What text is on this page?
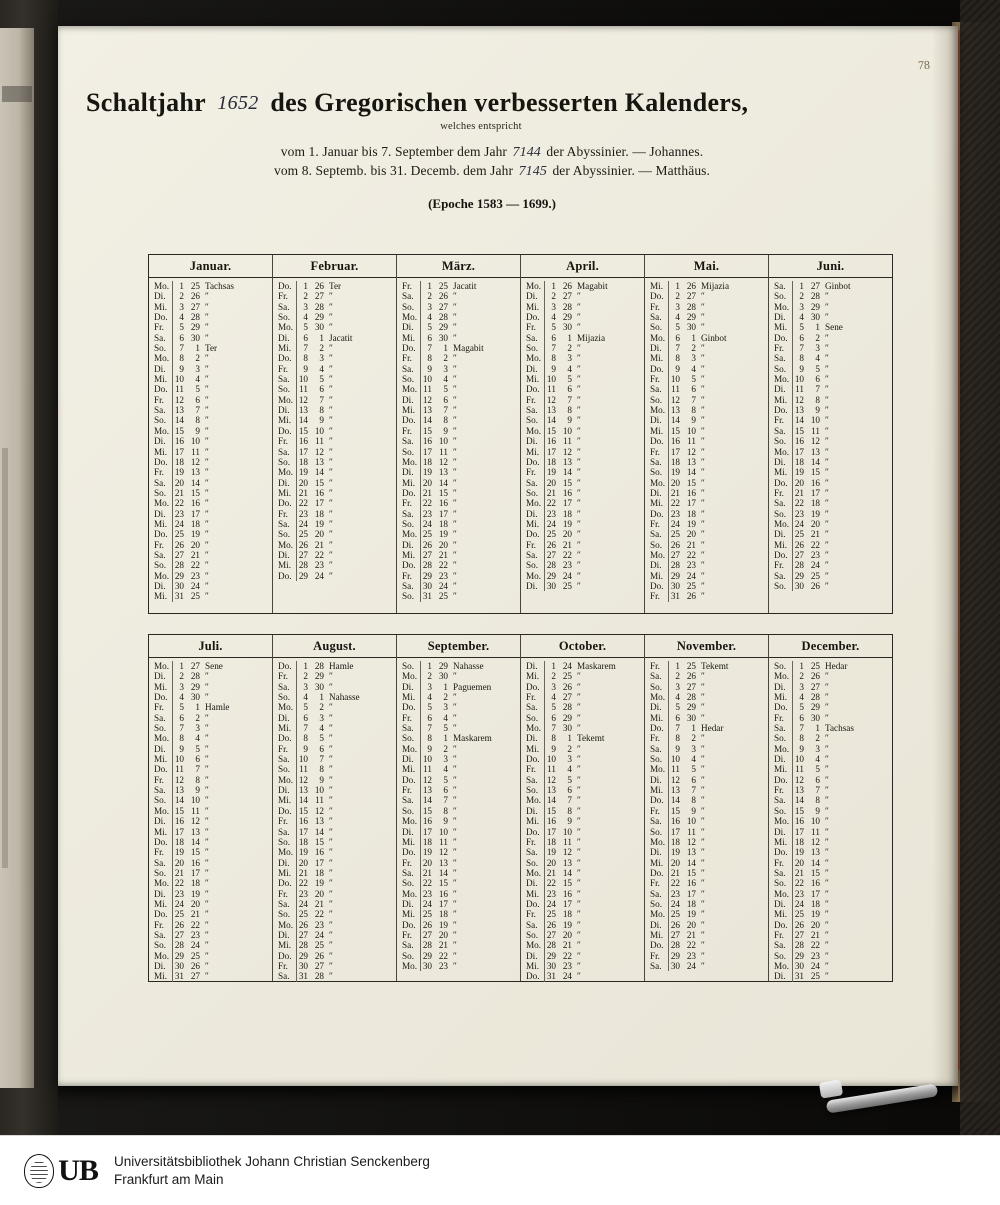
78
Schaltjahr 1652 des Gregorischen verbesserten Kalenders,
welches entspricht
vom 1. Januar bis 7. September dem Jahr 7144 der Abyssinier. — Johannes.
vom 8. Septemb. bis 31. Decemb. dem Jahr 7145 der Abyssinier. — Matthäus.
(Epoche 1583 — 1699.)
Januar.
Mo.	1 25 Tachsas
Di.	2 26 ″
Mi.	3 27 ″
Do.	4 28 ″
Fr.	5 29 ″
Sa.	6 30 ″
So.	7	1 Ter
Mo.	8	2 ″
Di.	9	3 ″
Mi. 10	4 ″
Do. 11	5 ″
Fr.	12	6 ″
Sa.	13	7 ″
So. 14	8 ″
Mo. 15	9 ″
Di.	16 10 ″
Mi. 17 11 ″
Do. 18 12 ″
Fr.	19 13 ″
Sa.	20 14 ″
So. 21 15 ″
Mo. 22 16 ″
Di.	23 17 ″
Mi. 24 18 ″
Do. 25 19 ″
Fr.	26 20 ″
Sa.	27 21 ″
So. 28 22 ″
Mo. 29 23 ″
Di.	30 24 ″
Mi. 31 25 ″
Februar.
Do.	1 26 Ter
Fr.	2 27 ″
Sa.	3 28 ″
So.	4 29 ″
Mo.	5 30 ″
Di.	6	1 Jacatit
Mi.	7	2 ″
Do.	8	3 ″
Fr.	9	4 ″
Sa.	10	5 ″
So. 11	6 ″
Mo. 12	7 ″
Di.	13	8 ″
Mi. 14	9 ″
Do. 15 10 ″
Fr.	16 11 ″
Sa.	17 12 ″
So. 18 13 ″
Mo. 19 14 ″
Di.	20 15 ″
Mi. 21 16 ″
Do. 22 17 ″
Fr.	23 18 ″
Sa.	24 19 ″
So. 25 20 ″
Mo. 26 21 ″
Di.	27 22 ″
Mi. 28 23 ″
Do. 29 24 ″
März.
Fr.	1 25 Jacatit
Sa.	2 26 ″
So.	3 27 ″
Mo.	4 28 ″
Di.	5 29 ″
Mi.	6 30 ″
Do.	7	1 Magabit
Fr.	8	2 ″
Sa.	9	3 ″
So. 10	4 ″
Mo. 11	5 ″
Di.	12	6 ″
Mi. 13	7 ″
Do. 14	8 ″
Fr.	15	9 ″
Sa.	16 10 ″
So. 17 11 ″
Mo. 18 12 ″
Di.	19 13 ″
Mi. 20 14 ″
Do. 21 15 ″
Fr.	22 16 ″
Sa.	23 17 ″
So. 24 18 ″
Mo. 25 19 ″
Di.	26 20 ″
Mi. 27 21 ″
Do. 28 22 ″
Fr.	29 23 ″
Sa.	30 24 ″
So. 31 25 ″
April.
Mo.	1 26 Magabit
Di.	2 27 ″
Mi.	3 28 ″
Do.	4 29 ″
Fr.	5 30 ″
Sa.	6	1 Mijazia
So.	7	2 ″
Mo.	8	3 ″
Di.	9	4 ″
Mi. 10	5 ″
Do. 11	6 ″
Fr.	12	7 ″
Sa.	13	8 ″
So. 14	9 ″
Mo. 15 10 ″
Di.	16 11 ″
Mi. 17 12 ″
Do. 18 13 ″
Fr.	19 14 ″
Sa.	20 15 ″
So. 21 16 ″
Mo. 22 17 ″
Di.	23 18 ″
Mi. 24 19 ″
Do. 25 20 ″
Fr.	26 21 ″
Sa.	27 22 ″
So. 28 23 ″
Mo. 29 24 ″
Di.	30 25 ″
Mai.
Mi.	1 26 Mijazia
Do.	2 27 ″
Fr.	3 28 ″
Sa.	4 29 ″
So.	5 30 ″
Mo.	6	1 Ginbot
Di.	7	2 ″
Mi.	8	3 ″
Do.	9	4 ″
Fr.	10	5 ″
Sa.	11	6 ″
So. 12	7 ″
Mo. 13	8 ″
Di.	14	9 ″
Mi. 15 10 ″
Do. 16 11 ″
Fr.	17 12 ″
Sa.	18 13 ″
So. 19 14 ″
Mo. 20 15 ″
Di.	21 16 ″
Mi. 22 17 ″
Do. 23 18 ″
Fr.	24 19 ″
Sa.	25 20 ″
So. 26 21 ″
Mo. 27 22 ″
Di.	28 23 ″
Mi. 29 24 ″
Do. 30 25 ″
Fr.	31 26 ″
Juni.
Sa.	1 27 Ginbot
So.	2 28 ″
Mo.	3 29 ″
Di.	4 30 ″
Mi.	5	1 Sene
Do.	6	2 ″
Fr.	7	3 ″
Sa.	8	4 ″
So.	9	5 ″
Mo. 10	6 ″
Di.	11	7 ″
Mi. 12	8 ″
Do. 13	9 ″
Fr.	14 10 ″
Sa.	15 11 ″
So. 16 12 ″
Mo. 17 13 ″
Di.	18 14 ″
Mi. 19 15 ″
Do. 20 16 ″
Fr.	21 17 ″
Sa.	22 18 ″
So. 23 19 ″
Mo. 24 20 ″
Di.	25 21 ″
Mi. 26 22 ″
Do. 27 23 ″
Fr.	28 24 ″
Sa.	29 25 ″
So. 30 26 ″
Juli.
Mo.	1 27 Sene
Di.	2 28 ″
Mi.	3 29 ″
Do.	4 30 ″
Fr.	5	1 Hamle
Sa.	6	2 ″
So.	7	3 ″
Mo.	8	4 ″
Di.	9	5 ″
Mi. 10	6 ″
Do. 11	7 ″
Fr.	12	8 ″
Sa.	13	9 ″
So. 14 10 ″
Mo. 15 11 ″
Di.	16 12 ″
Mi. 17 13 ″
Do. 18 14 ″
Fr.	19 15 ″
Sa.	20 16 ″
So. 21 17 ″
Mo. 22 18 ″
Di.	23 19 ″
Mi. 24 20 ″
Do. 25 21 ″
Fr.	26 22 ″
Sa.	27 23 ″
So. 28 24 ″
Mo. 29 25 ″
Di.	30 26 ″
Mi. 31 27 ″
August.
Do.	1 28 Hamle
Fr.	2 29 ″
Sa.	3 30 ″
So.	4	1 Nahasse
Mo.	5	2 ″
Di.	6	3 ″
Mi.	7	4 ″
Do.	8	5 ″
Fr.	9	6 ″
Sa.	10	7 ″
So. 11	8 ″
Mo. 12	9 ″
Di.	13 10 ″
Mi. 14 11 ″
Do. 15 12 ″
Fr.	16 13 ″
Sa.	17 14 ″
So. 18 15 ″
Mo. 19 16 ″
Di.	20 17 ″
Mi. 21 18 ″
Do. 22 19 ″
Fr.	23 20 ″
Sa.	24 21 ″
So. 25 22 ″
Mo. 26 23 ″
Di.	27 24 ″
Mi. 28 25 ″
Do. 29 26 ″
Fr.	30 27 ″
Sa.	31 28 ″
September.
So.	1 29 Nahasse
Mo.	2 30 ″
Di.	3	1 Paguemen
Mi.	4	2 ″
Do.	5	3 ″
Fr.	6	4 ″
Sa.	7	5 ″
So.	8	1 Maskarem
Mo.	9	2 ″
Di.	10	3 ″
Mi. 11	4 ″
Do. 12	5 ″
Fr.	13	6 ″
Sa.	14	7 ″
So. 15	8 ″
Mo. 16	9 ″
Di.	17 10 ″
Mi. 18 11 ″
Do. 19 12 ″
Fr.	20 13 ″
Sa.	21 14 ″
So. 22 15 ″
Mo. 23 16 ″
Di.	24 17 ″
Mi. 25 18 ″
Do. 26 19 ″
Fr.	27 20 ″
Sa.	28 21 ″
So. 29 22 ″
Mo. 30 23 ″
October.
Di.	1 24 Maskarem
Mi.	2 25 ″
Do.	3 26 ″
Fr.	4 27 ″
Sa.	5 28 ″
So.	6 29 ″
Mo.	7 30 ″
Di.	8	1 Tekemt
Mi.	9	2 ″
Do. 10	3 ″
Fr.	11	4 ″
Sa.	12	5 ″
So. 13	6 ″
Mo. 14	7 ″
Di.	15	8 ″
Mi. 16	9 ″
Do. 17 10 ″
Fr.	18 11 ″
Sa.	19 12 ″
So. 20 13 ″
Mo. 21 14 ″
Di.	22 15 ″
Mi. 23 16 ″
Do. 24 17 ″
Fr.	25 18 ″
Sa.	26 19 ″
So. 27 20 ″
Mo. 28 21 ″
Di.	29 22 ″
Mi. 30 23 ″
Do. 31 24 ″
November.
Fr.	1 25 Tekemt
Sa.	2 26 ″
So.	3 27 ″
Mo.	4 28 ″
Di.	5 29 ″
Mi.	6 30 ″
Do.	7	1 Hedar
Fr.	8	2 ″
Sa.	9	3 ″
So. 10	4 ″
Mo. 11	5 ″
Di.	12	6 ″
Mi. 13	7 ″
Do. 14	8 ″
Fr.	15	9 ″
Sa.	16 10 ″
So. 17 11 ″
Mo. 18 12 ″
Di.	19 13 ″
Mi. 20 14 ″
Do. 21 15 ″
Fr.	22 16 ″
Sa.	23 17 ″
So. 24 18 ″
Mo. 25 19 ″
Di.	26 20 ″
Mi. 27 21 ″
Do. 28 22 ″
Fr.	29 23 ″
Sa.	30 24 ″
December.
So.	1 25 Hedar
Mo.	2 26 ″
Di.	3 27 ″
Mi.	4 28 ″
Do.	5 29 ″
Fr.	6 30 ″
Sa.	7	1 Tachsas
So.	8	2 ″
Mo.	9	3 ″
Di.	10	4 ″
Mi. 11	5 ″
Do. 12	6 ″
Fr.	13	7 ″
Sa.	14	8 ″
So. 15	9 ″
Mo. 16 10 ″
Di.	17 11 ″
Mi. 18 12 ″
Do. 19 13 ″
Fr.	20 14 ″
Sa.	21 15 ″
So. 22 16 ″
Mo. 23 17 ″
Di.	24 18 ″
Mi. 25 19 ″
Do. 26 20 ″
Fr.	27 21 ″
Sa.	28 22 ″
So. 29 23 ″
Mo. 30 24 ″
Di.	31 25 ″
UB Universitätsbibliothek Johann Christian Senckenberg
Frankfurt am Main
